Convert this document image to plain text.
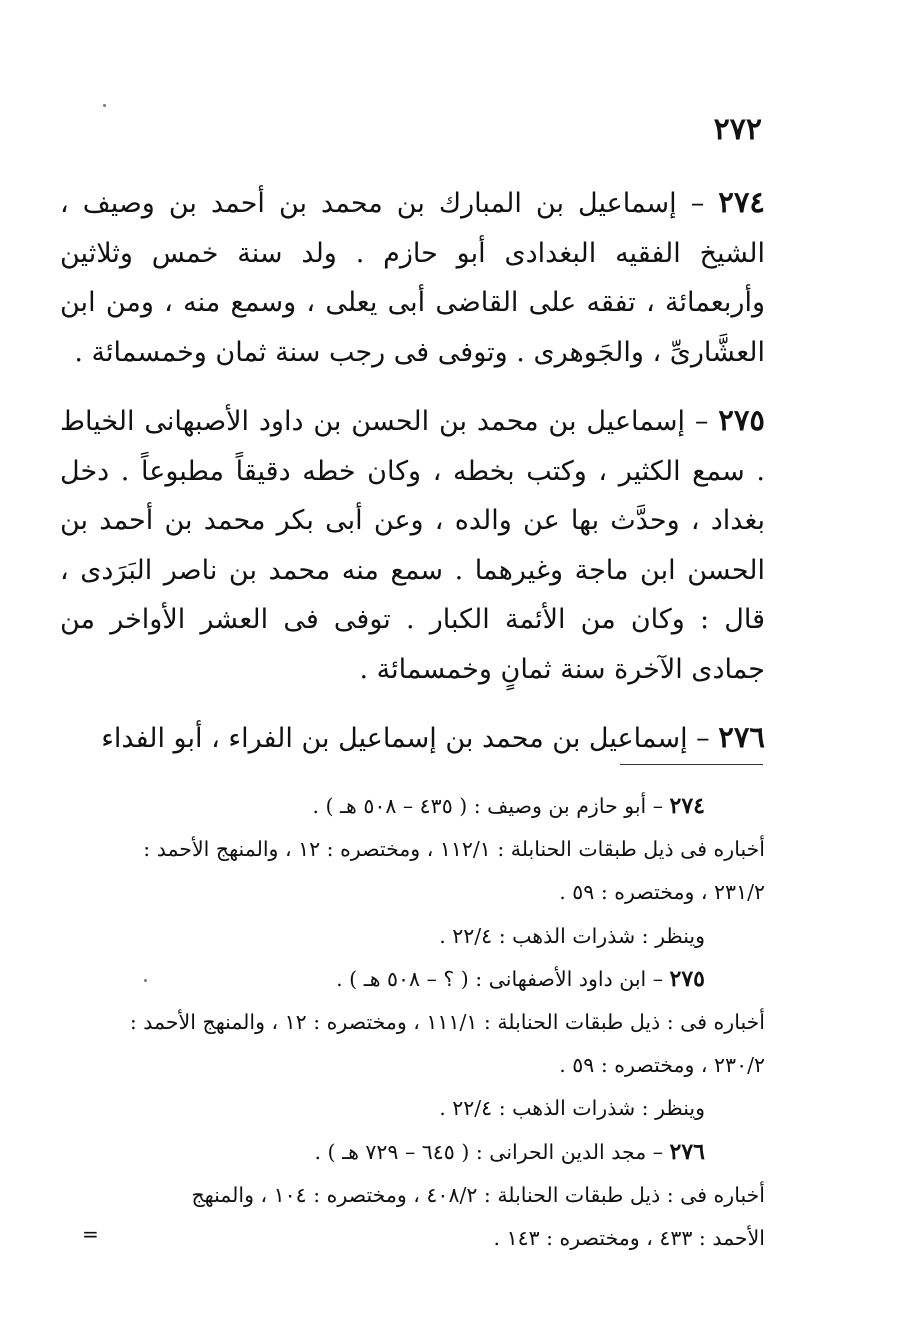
٢٧٢

٢٧٤ – إسماعيل بن المبارك بن محمد بن أحمد بن وصيف ، الشيخ الفقيه البغدادى أبو حازم . ولد سنة خمس وثلاثين وأربعمائة ، تفقه على القاضى أبى يعلى ، وسمع منه ، ومن ابن العشَّارىِّ ، والجَوهرى . وتوفى فى رجب سنة ثمان وخمسمائة .

٢٧٥ – إسماعيل بن محمد بن الحسن بن داود الأصبهانى الخياط . سمع الكثير ، وكتب بخطه ، وكان خطه دقيقاً مطبوعاً . دخل بغداد ، وحدَّث بها عن والده ، وعن أبى بكر محمد بن أحمد بن الحسن ابن ماجة وغيرهما . سمع منه محمد بن ناصر البَرَدى ، قال : وكان من الأئمة الكبار . توفى فى العشر الأواخر من جمادى الآخرة سنة ثمانٍ وخمسمائة .

٢٧٦ – إسماعيل بن محمد بن إسماعيل بن الفراء ، أبو الفداء

٢٧٤ – أبو حازم بن وصيف : ( ٤٣٥ – ٥٠٨ هـ ) .
أخباره فى ذيل طبقات الحنابلة : ١١٢/١ ، ومختصره : ١٢ ، والمنهج الأحمد :
٢٣١/٢ ، ومختصره : ٥٩ .
وينظر : شذرات الذهب : ٢٢/٤ .
٢٧٥ – ابن داود الأصفهانى : ( ؟ – ٥٠٨ هـ ) .
أخباره فى : ذيل طبقات الحنابلة : ١١١/١ ، ومختصره : ١٢ ، والمنهج الأحمد :
٢٣٠/٢ ، ومختصره : ٥٩ .
وينظر : شذرات الذهب : ٢٢/٤ .
٢٧٦ – مجد الدين الحرانى : ( ٦٤٥ – ٧٢٩ هـ ) .
أخباره فى : ذيل طبقات الحنابلة : ٤٠٨/٢ ، ومختصره : ١٠٤ ، والمنهج
الأحمد : ٤٣٣ ، ومختصره : ١٤٣ .
=
